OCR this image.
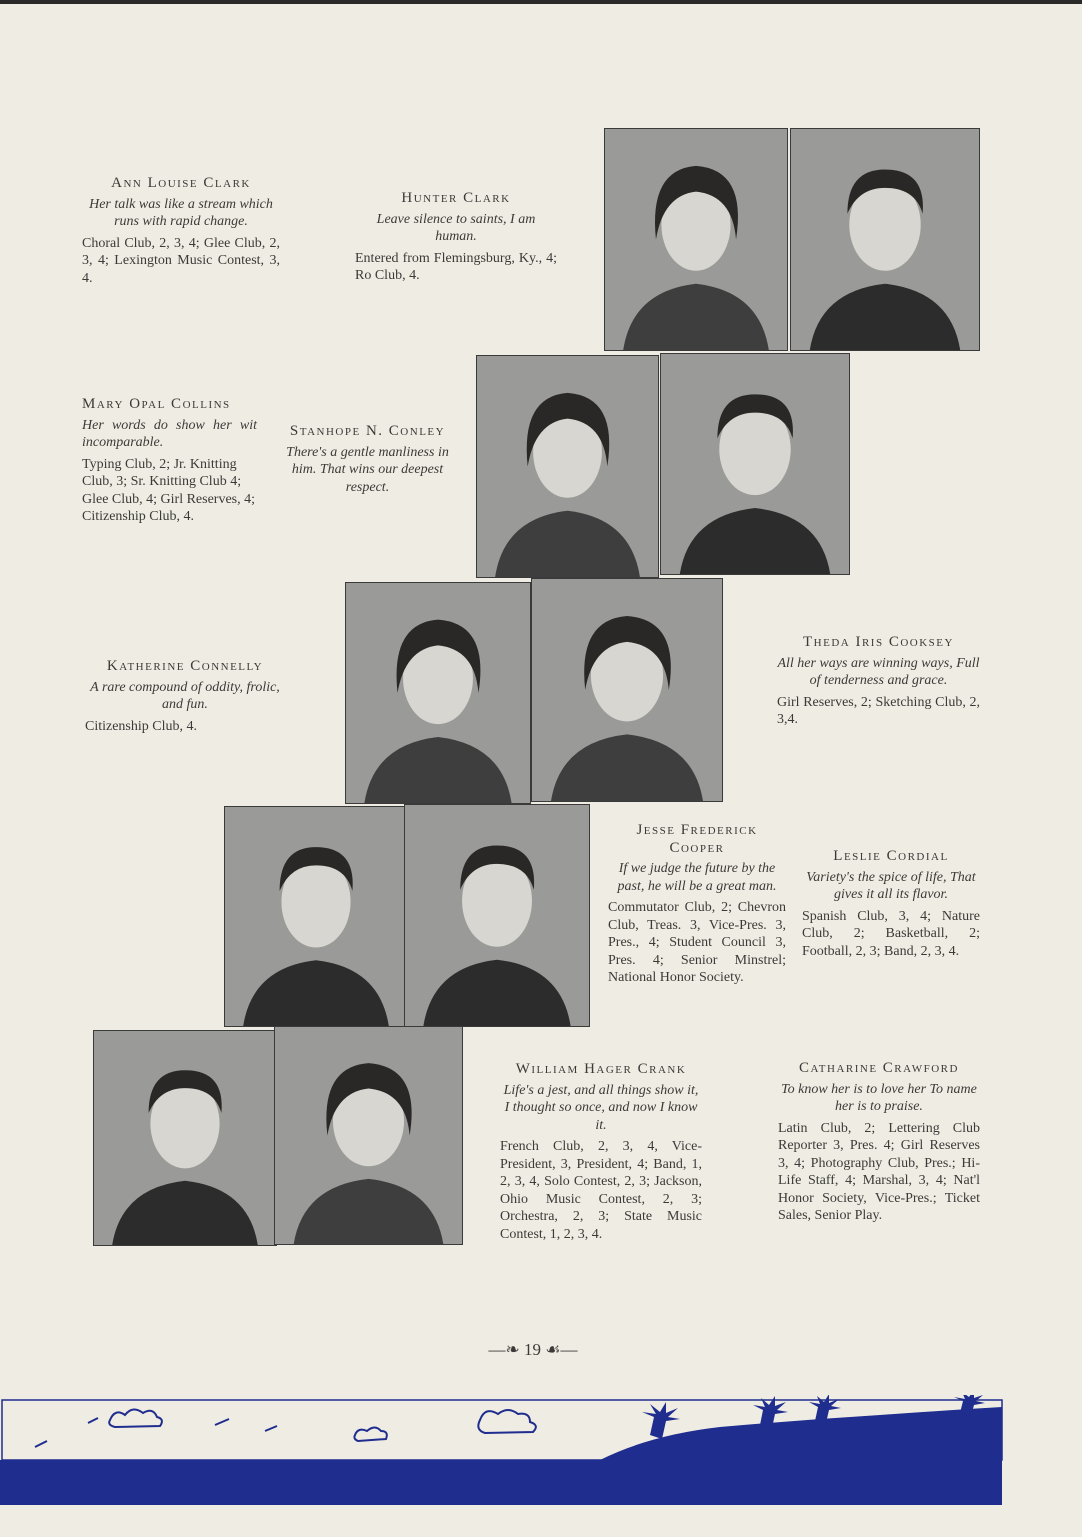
Ann Louise Clark
Her talk was like a stream which runs with rapid change.
Choral Club, 2, 3, 4; Glee Club, 2, 3, 4; Lexington Music Contest, 3, 4.
Hunter Clark
Leave silence to saints, I am human.
Entered from Flemingsburg, Ky., 4; Ro Club, 4.
Mary Opal Collins
Her words do show her wit incomparable.
Typing Club, 2; Jr. Knitting Club, 3; Sr. Knitting Club 4; Glee Club, 4; Girl Reserves, 4; Citizenship Club, 4.
Stanhope N. Conley
There's a gentle manliness in him. That wins our deepest respect.
Katherine Connelly
A rare compound of oddity, frolic, and fun.
Citizenship Club, 4.
Theda Iris Cooksey
All her ways are winning ways, Full of tenderness and grace.
Girl Reserves, 2; Sketching Club, 2, 3,4.
Jesse Frederick Cooper
If we judge the future by the past, he will be a great man.
Commutator Club, 2; Chevron Club, Treas. 3, Vice-Pres. 3, Pres., 4; Student Council 3, Pres. 4; Senior Minstrel; National Honor Society.
Leslie Cordial
Variety's the spice of life, That gives it all its flavor.
Spanish Club, 3, 4; Nature Club, 2; Basketball, 2; Football, 2, 3; Band, 2, 3, 4.
William Hager Crank
Life's a jest, and all things show it, I thought so once, and now I know it.
French Club, 2, 3, 4, Vice-President, 3, President, 4; Band, 1, 2, 3, 4, Solo Contest, 2, 3; Jackson, Ohio Music Contest, 2, 3; Orchestra, 2, 3; State Music Contest, 1, 2, 3, 4.
Catharine Crawford
To know her is to love her To name her is to praise.
Latin Club, 2; Lettering Club Reporter 3, Pres. 4; Girl Reserves 3, 4; Photography Club, Pres.; Hi-Life Staff, 4; Marshal, 3, 4; Nat'l Honor Society, Vice-Pres.; Ticket Sales, Senior Play.
—❧ 19 ☙—
